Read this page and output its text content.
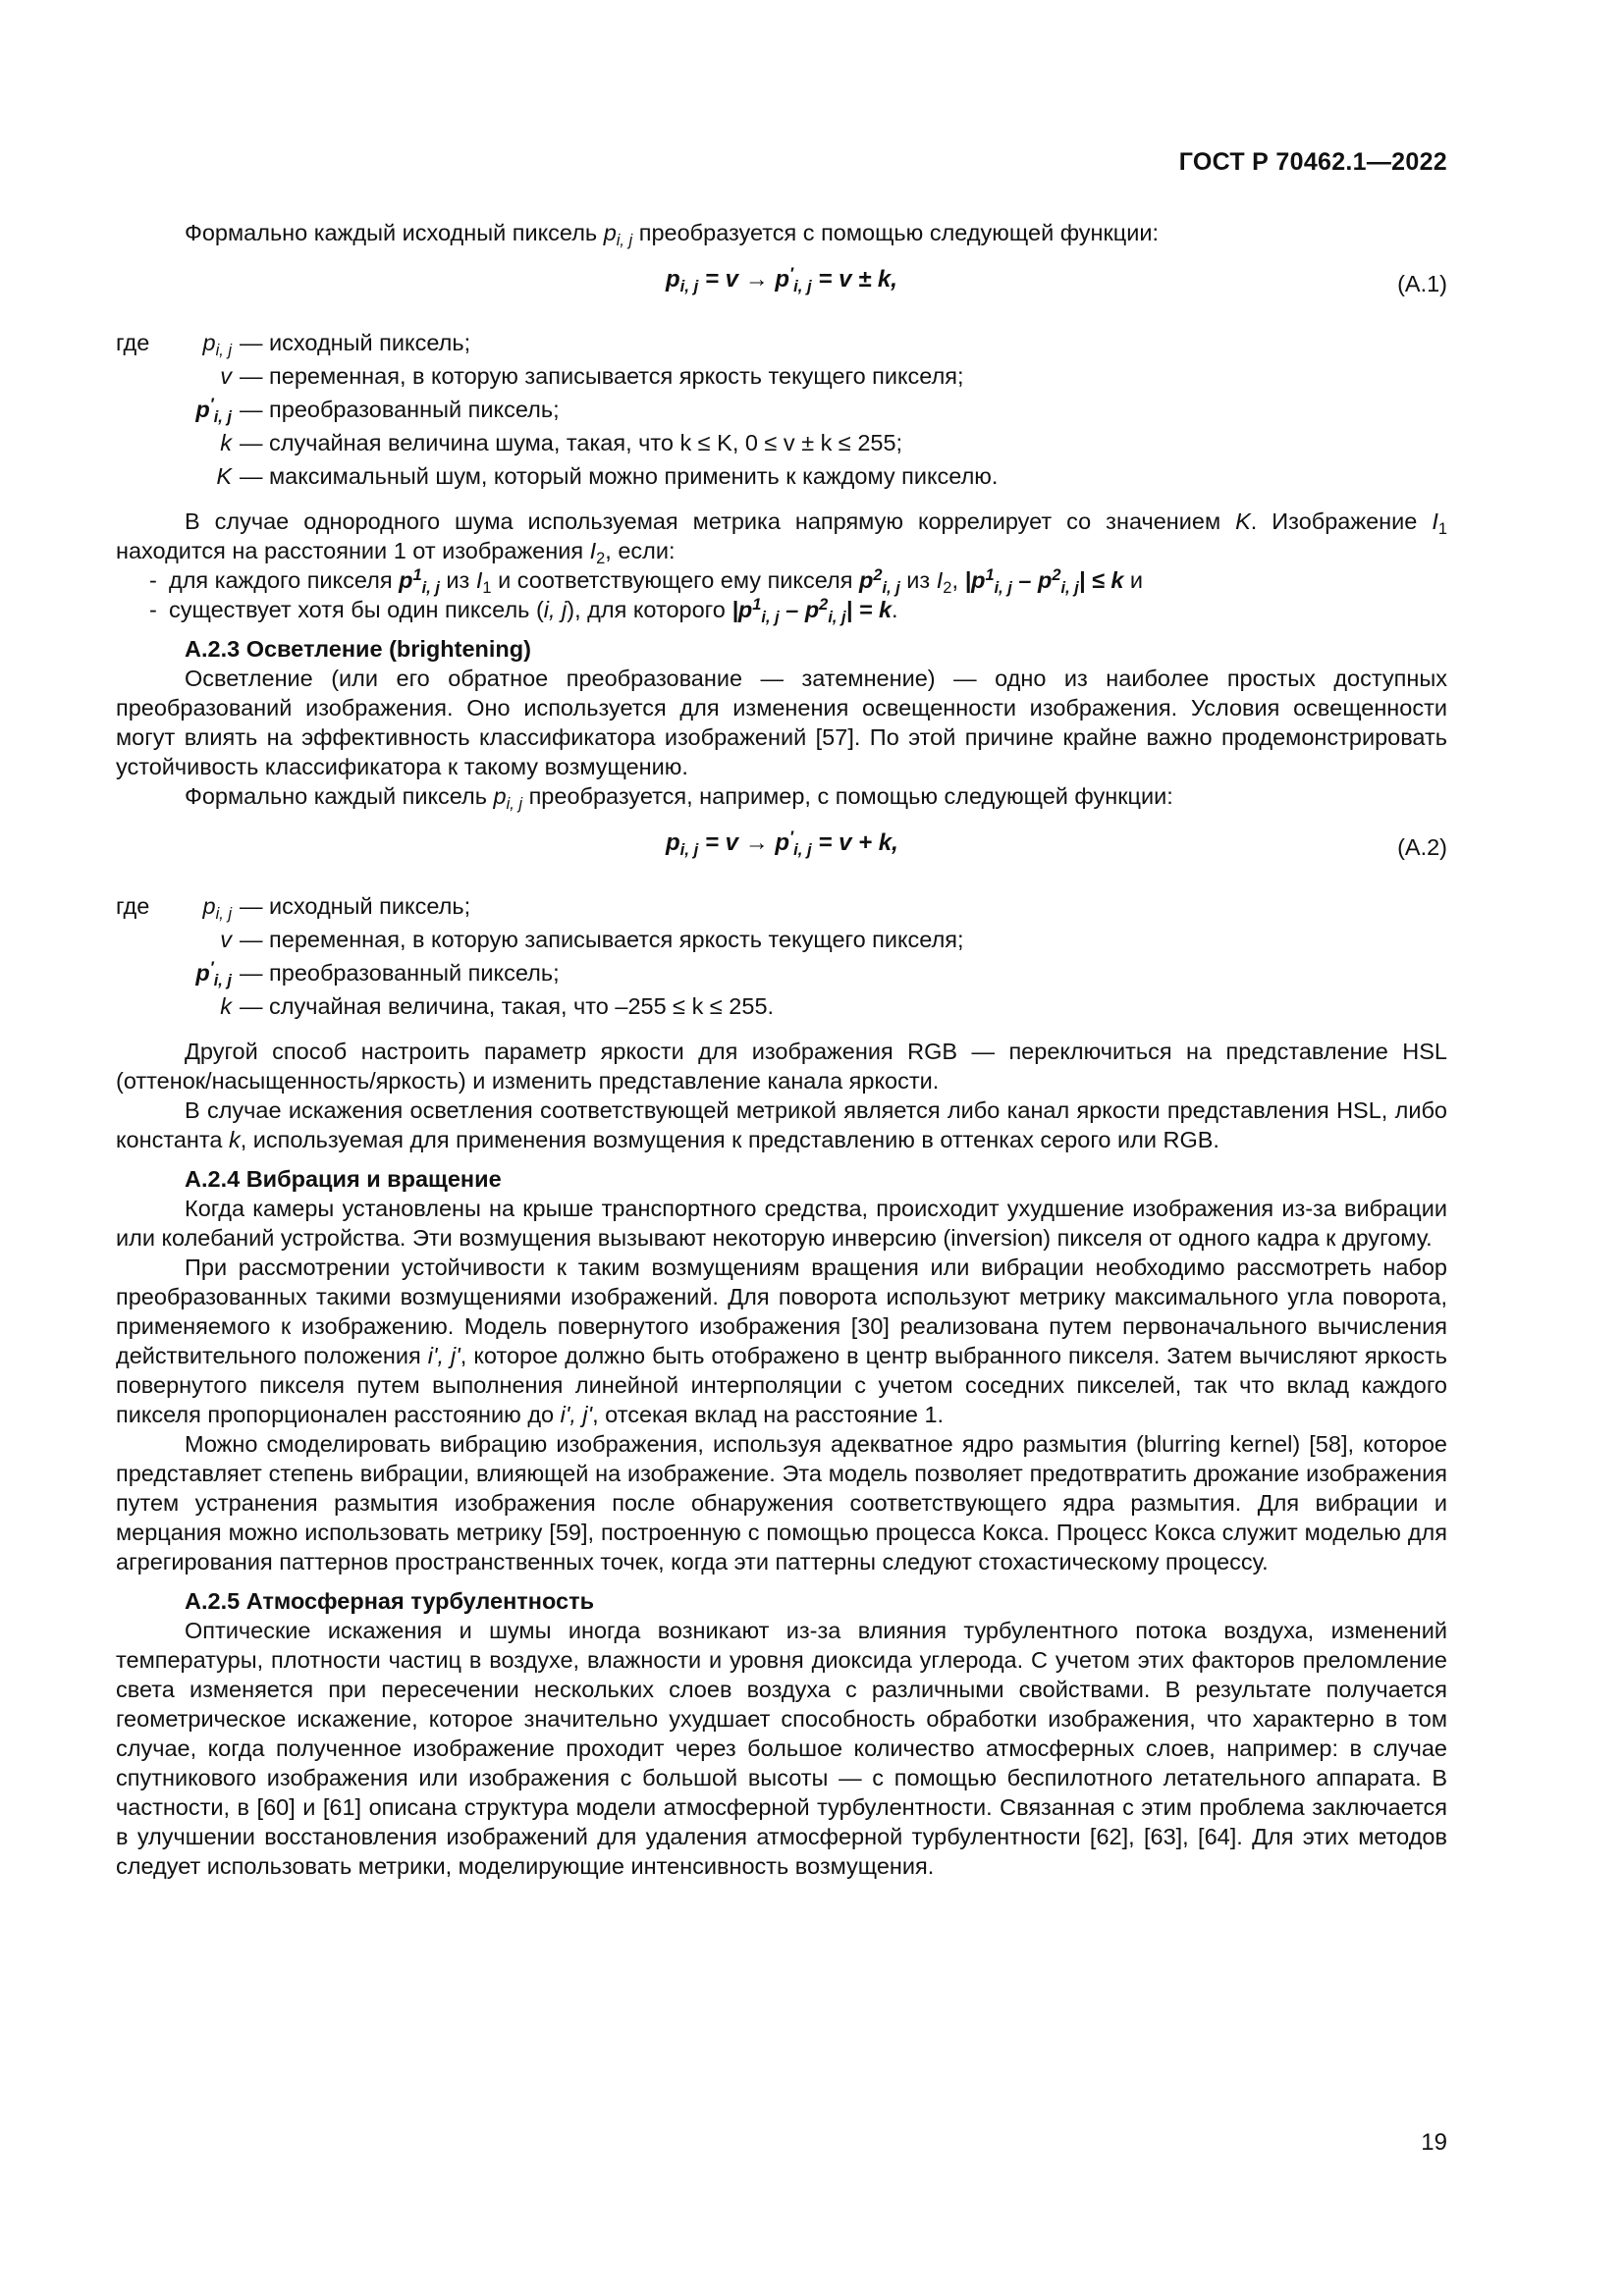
ГОСТ Р 70462.1—2022

Формально каждый исходный пиксель $p_{i, j}$ преобразуется с помощью следующей функции:

$p_{i, j} = v \to p'_{i, j} = v \pm k$,	(A.1)
где	$p_{i, j}$ — исходный пиксель;
v — переменная, в которую записывается яркость текущего пикселя;
$p'_{i, j}$ — преобразованный пиксель;
k — случайная величина шума, такая, что k ≤ K, 0 ≤ v ± k ≤ 255;
K — максимальный шум, который можно применить к каждому пикселю.

В случае однородного шума используемая метрика напрямую коррелирует со значением K. Изображение $I_1$ находится на расстоянии 1 от изображения $I_2$, если:

- для каждого пикселя $p^1_{i, j}$ из $I_1$ и соответствующего ему пикселя $p^2_{i, j}$ из $I_2$, $|p^1_{i, j} - p^2_{i, j}| \le k$ и
- существует хотя бы один пиксель (i, j), для которого $|p^1_{i, j} - p^2_{i, j}| = k$.

А.2.3 Осветление (brightening)

Осветление (или его обратное преобразование — затемнение) — одно из наиболее простых доступных преобразований изображения. Оно используется для изменения освещенности изображения. Условия освещенности могут влиять на эффективность классификатора изображений [57]. По этой причине крайне важно продемонстрировать устойчивость классификатора к такому возмущению.

Формально каждый пиксель $p_{i, j}$ преобразуется, например, с помощью следующей функции:

$p_{i, j} = v \to p'_{i, j} = v + k$,	(A.2)
где	$p_{i, j}$ — исходный пиксель;
v — переменная, в которую записывается яркость текущего пикселя;
$p'_{i, j}$ — преобразованный пиксель;
k — случайная величина, такая, что –255 ≤ k ≤ 255.

Другой способ настроить параметр яркости для изображения RGB — переключиться на представление HSL (оттенок/насыщенность/яркость) и изменить представление канала яркости.

В случае искажения осветления соответствующей метрикой является либо канал яркости представления HSL, либо константа k, используемая для применения возмущения к представлению в оттенках серого или RGB.

А.2.4 Вибрация и вращение

Когда камеры установлены на крыше транспортного средства, происходит ухудшение изображения из-за вибрации или колебаний устройства. Эти возмущения вызывают некоторую инверсию (inversion) пикселя от одного кадра к другому.

При рассмотрении устойчивости к таким возмущениям вращения или вибрации необходимо рассмотреть набор преобразованных такими возмущениями изображений. Для поворота используют метрику максимального угла поворота, применяемого к изображению. Модель повернутого изображения [30] реализована путем первоначального вычисления действительного положения i', j', которое должно быть отображено в центр выбранного пикселя. Затем вычисляют яркость повернутого пикселя путем выполнения линейной интерполяции с учетом соседних пикселей, так что вклад каждого пикселя пропорционален расстоянию до i', j', отсекая вклад на расстояние 1.

Можно смоделировать вибрацию изображения, используя адекватное ядро размытия (blurring kernel) [58], которое представляет степень вибрации, влияющей на изображение. Эта модель позволяет предотвратить дрожание изображения путем устранения размытия изображения после обнаружения соответствующего ядра размытия. Для вибрации и мерцания можно использовать метрику [59], построенную с помощью процесса Кокса. Процесс Кокса служит моделью для агрегирования паттернов пространственных точек, когда эти паттерны следуют стохастическому процессу.

А.2.5 Атмосферная турбулентность

Оптические искажения и шумы иногда возникают из-за влияния турбулентного потока воздуха, изменений температуры, плотности частиц в воздухе, влажности и уровня диоксида углерода. С учетом этих факторов преломление света изменяется при пересечении нескольких слоев воздуха с различными свойствами. В результате получается геометрическое искажение, которое значительно ухудшает способность обработки изображения, что характерно в том случае, когда полученное изображение проходит через большое количество атмосферных слоев, например: в случае спутникового изображения или изображения с большой высоты — с помощью беспилотного летательного аппарата. В частности, в [60] и [61] описана структура модели атмосферной турбулентности. Связанная с этим проблема заключается в улучшении восстановления изображений для удаления атмосферной турбулентности [62], [63], [64]. Для этих методов следует использовать метрики, моделирующие интенсивность возмущения.

19
